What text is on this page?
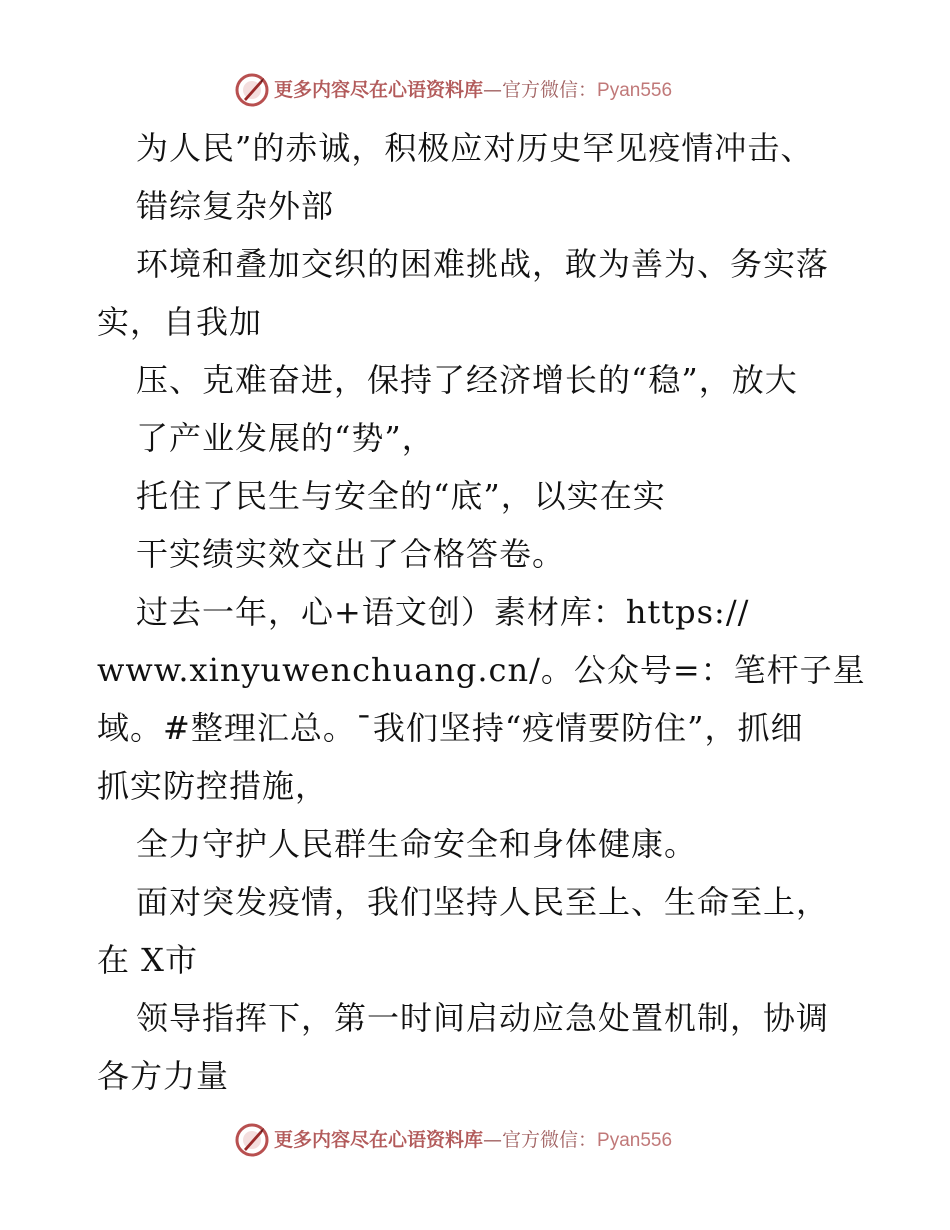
更多内容尽在心语资料库—官方微信：Pyan556
为人民”的赤诚，积极应对历史罕见疫情冲击、
错综复杂外部
环境和叠加交织的困难挑战，敢为善为、务实落
实，自我加
压、克难奋进，保持了经济增长的“稳”，放大
了产业发展的“势”，
托住了民生与安全的“底”，以实在实
干实绩实效交出了合格答卷。
过去一年，心+语文创）素材库：https://
www.xinyuwenchuang.cn/。公众号=：笔杆子星
域。#整理汇总。¯我们坚持“疫情要防住”，抓细
抓实防控措施，
全力守护人民群生命安全和身体健康。
面对突发疫情，我们坚持人民至上、生命至上，
在 X市
领导指挥下，第一时间启动应急处置机制，协调
各方力量
更多内容尽在心语资料库—官方微信：Pyan556
